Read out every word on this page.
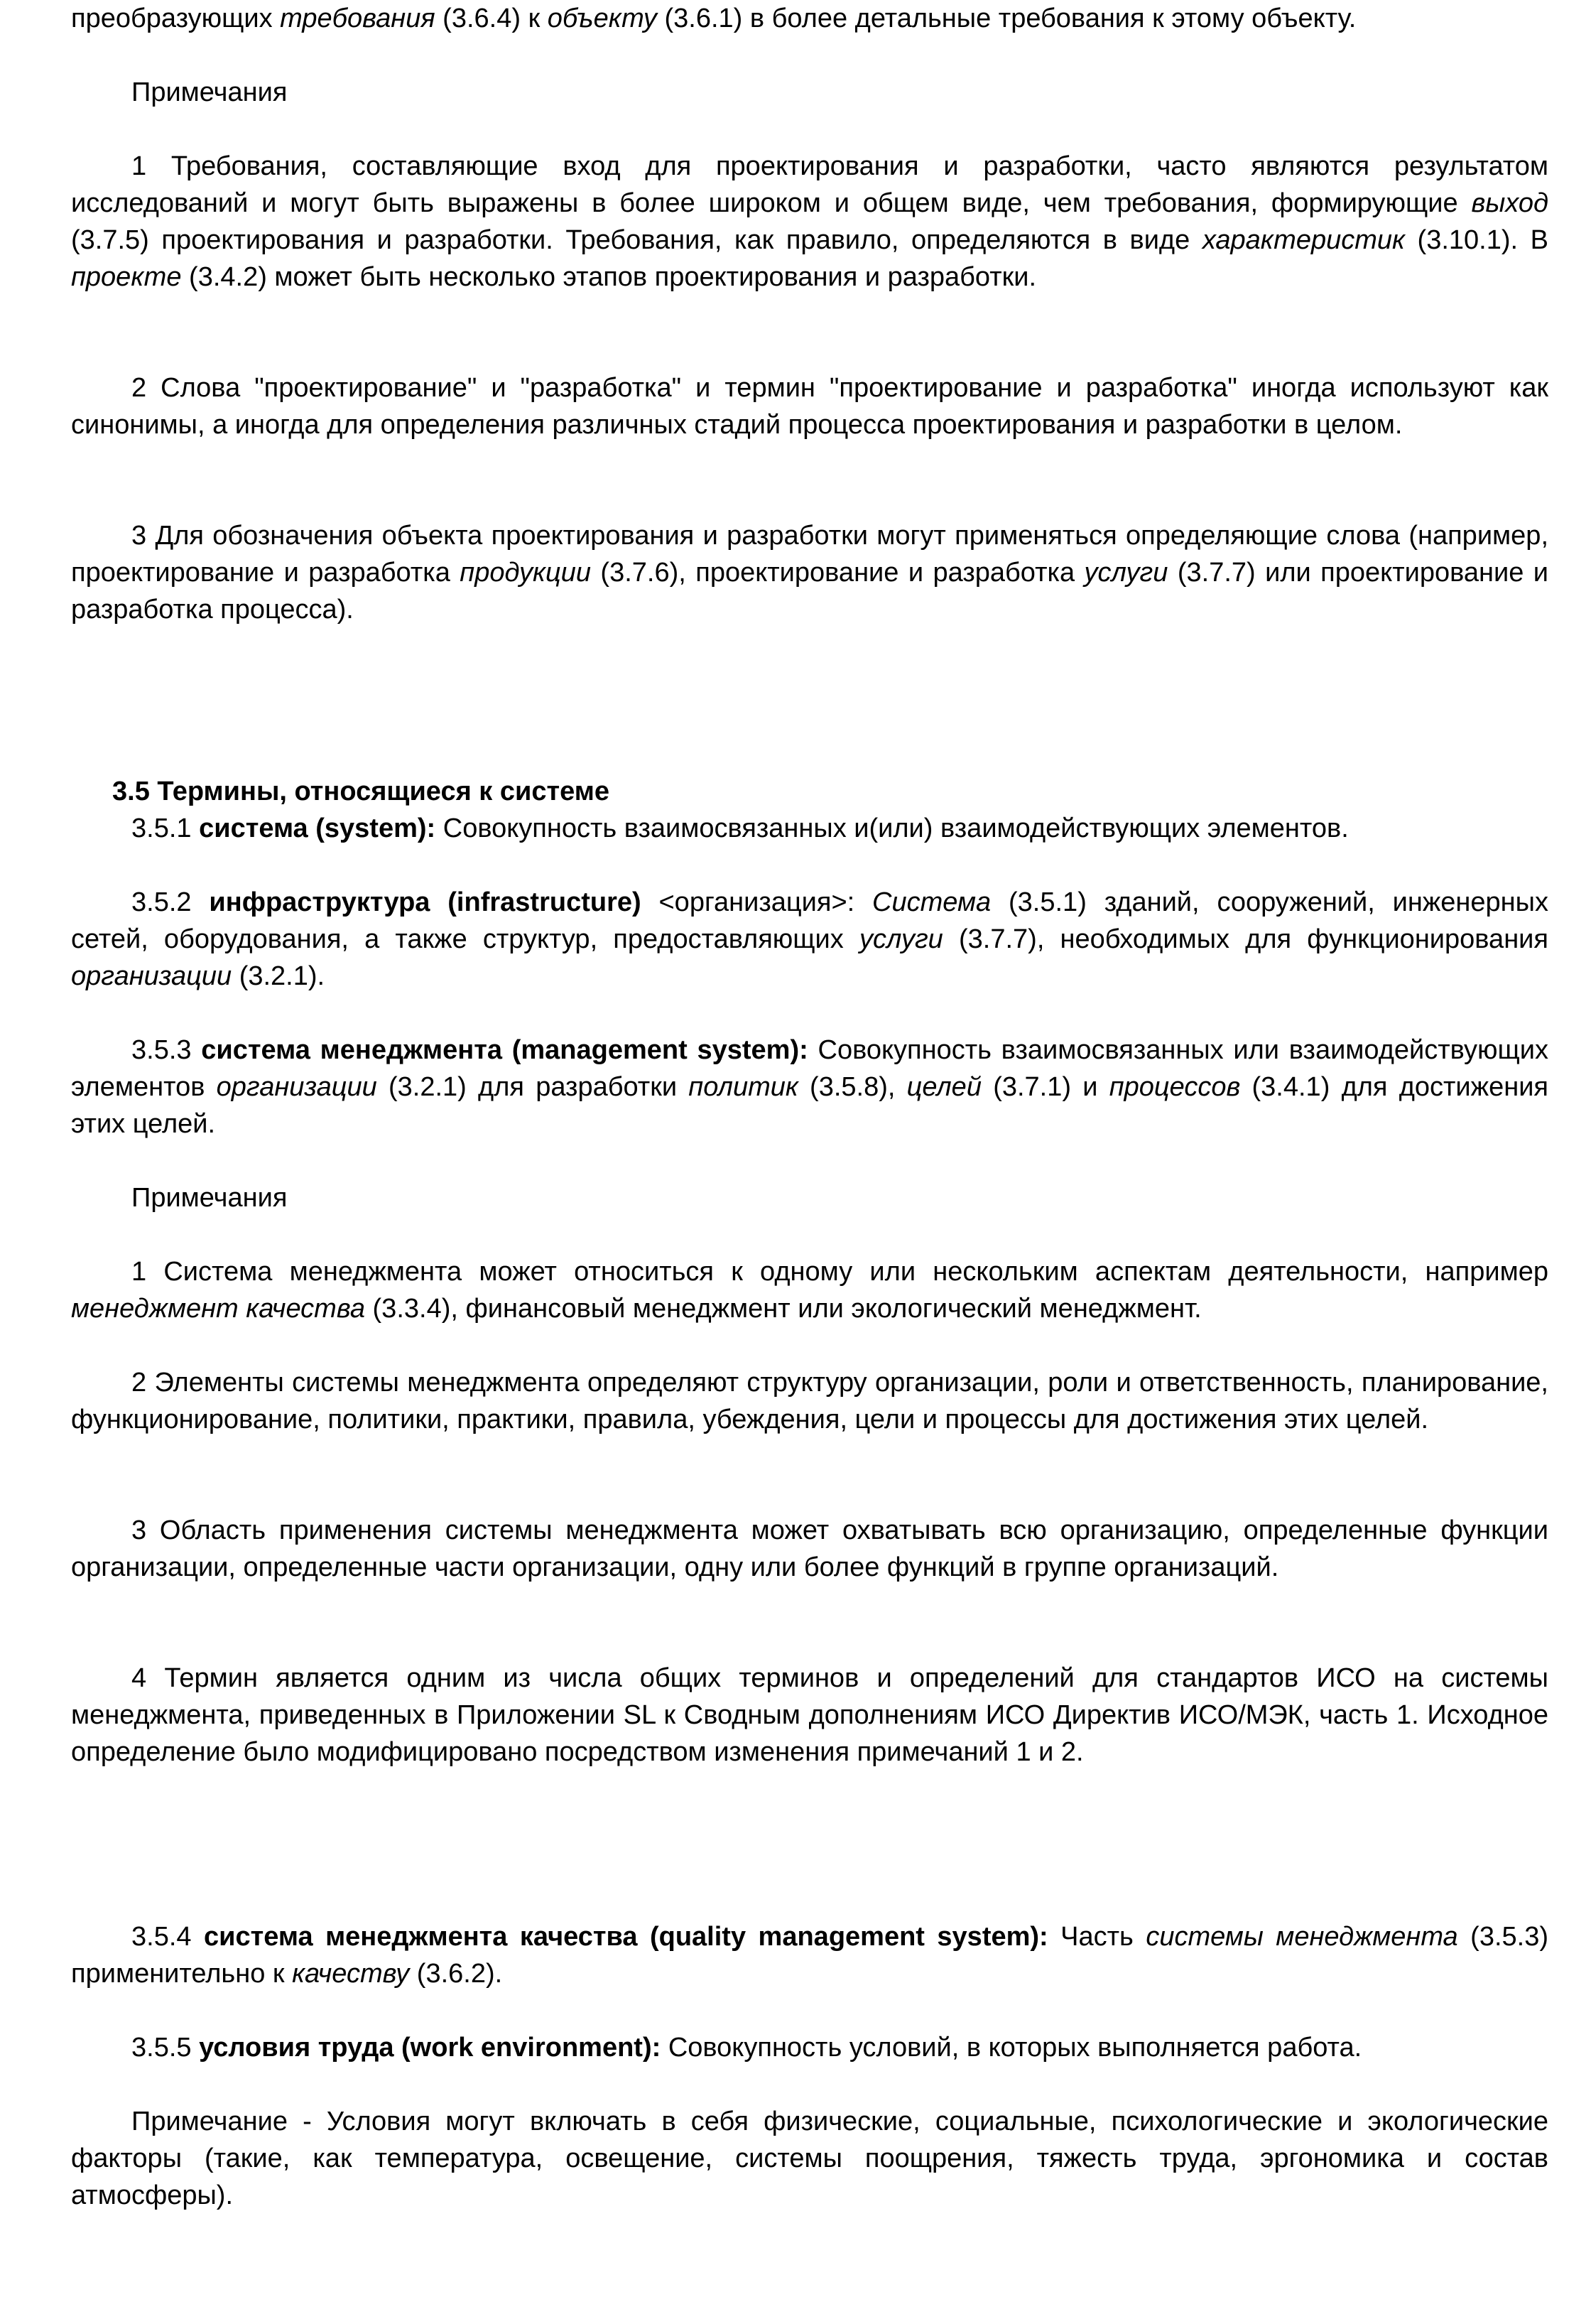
преобразующих требования (3.6.4) к объекту (3.6.1) в более детальные требования к этому объекту.

Примечания

1 Требования, составляющие вход для проектирования и разработки, часто являются результатом исследований и могут быть выражены в более широком и общем виде, чем требования, формирующие выход (3.7.5) проектирования и разработки. Требования, как правило, определяются в виде характеристик (3.10.1). В проекте (3.4.2) может быть несколько этапов проектирования и разработки.

2 Слова "проектирование" и "разработка" и термин "проектирование и разработка" иногда используют как синонимы, а иногда для определения различных стадий процесса проектирования и разработки в целом.

3 Для обозначения объекта проектирования и разработки могут применяться определяющие слова (например, проектирование и разработка продукции (3.7.6), проектирование и разработка услуги (3.7.7) или проектирование и разработка процесса).

3.5 Термины, относящиеся к системе

3.5.1 система (system): Совокупность взаимосвязанных и(или) взаимодействующих элементов.

3.5.2 инфраструктура (infrastructure) <организация>: Система (3.5.1) зданий, сооружений, инженерных сетей, оборудования, а также структур, предоставляющих услуги (3.7.7), необходимых для функционирования организации (3.2.1).

3.5.3 система менеджмента (management system): Совокупность взаимосвязанных или взаимодействующих элементов организации (3.2.1) для разработки политик (3.5.8), целей (3.7.1) и процессов (3.4.1) для достижения этих целей.

Примечания

1 Система менеджмента может относиться к одному или нескольким аспектам деятельности, например менеджмент качества (3.3.4), финансовый менеджмент или экологический менеджмент.

2 Элементы системы менеджмента определяют структуру организации, роли и ответственность, планирование, функционирование, политики, практики, правила, убеждения, цели и процессы для достижения этих целей.

3 Область применения системы менеджмента может охватывать всю организацию, определенные функции организации, определенные части организации, одну или более функций в группе организаций.

4 Термин является одним из числа общих терминов и определений для стандартов ИСО на системы менеджмента, приведенных в Приложении SL к Сводным дополнениям ИСО Директив ИСО/МЭК, часть 1. Исходное определение было модифицировано посредством изменения примечаний 1 и 2.

3.5.4 система менеджмента качества (quality management system): Часть системы менеджмента (3.5.3) применительно к качеству (3.6.2).

3.5.5 условия труда (work environment): Совокупность условий, в которых выполняется работа.

Примечание - Условия могут включать в себя физические, социальные, психологические и экологические факторы (такие, как температура, освещение, системы поощрения, тяжесть труда, эргономика и состав атмосферы).
